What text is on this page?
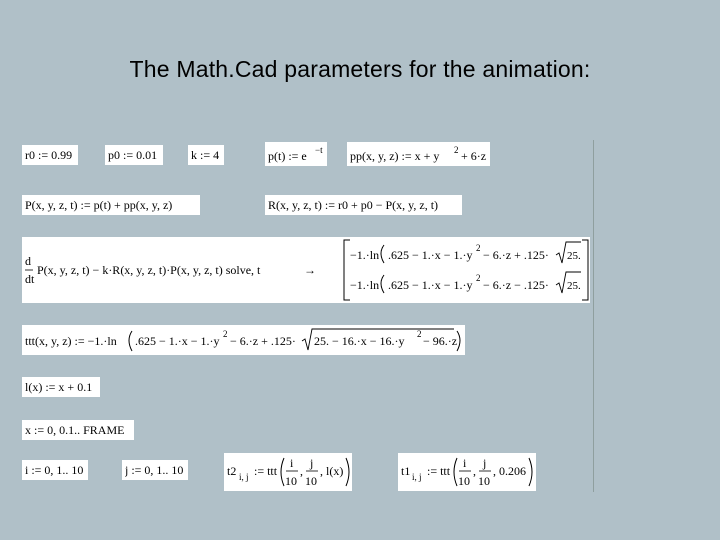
The Math.Cad parameters for the animation:
r0 := 0.99	p0 := 0.01	k := 4	p(t) := e −t pp(x, y, z) := x + y 2 + 6·z
P(x, y, z, t) := p(t) + pp(x, y, z)	R(x, y, z, t) := r0 + p0 − P(x, y, z, t)
d
dt
P(x, y, z, t) − k·R(x, y, z, t)·P(x, y, z, t) solve, t	→
−1.·ln .625 − 1.·x − 1.·y 2 − 6.·z + .125· 25.
−1.·ln .625 − 1.·x − 1.·y 2 − 6.·z − .125· 25.
ttt(x, y, z) := −1.·ln .625 − 1.·x − 1.·y 2 − 6.·z + .125· 25. − 16.·x − 16.·y 2 − 96.·z
l(x) := x + 0.1
x := 0, 0.1.. FRAME
i := 0, 1.. 10	j := 0, 1.. 10	t2 i, j := ttt
i
10
,
j
10
, l(x)	t1 i, j := ttt
i
10
,
j
10
, 0.206
